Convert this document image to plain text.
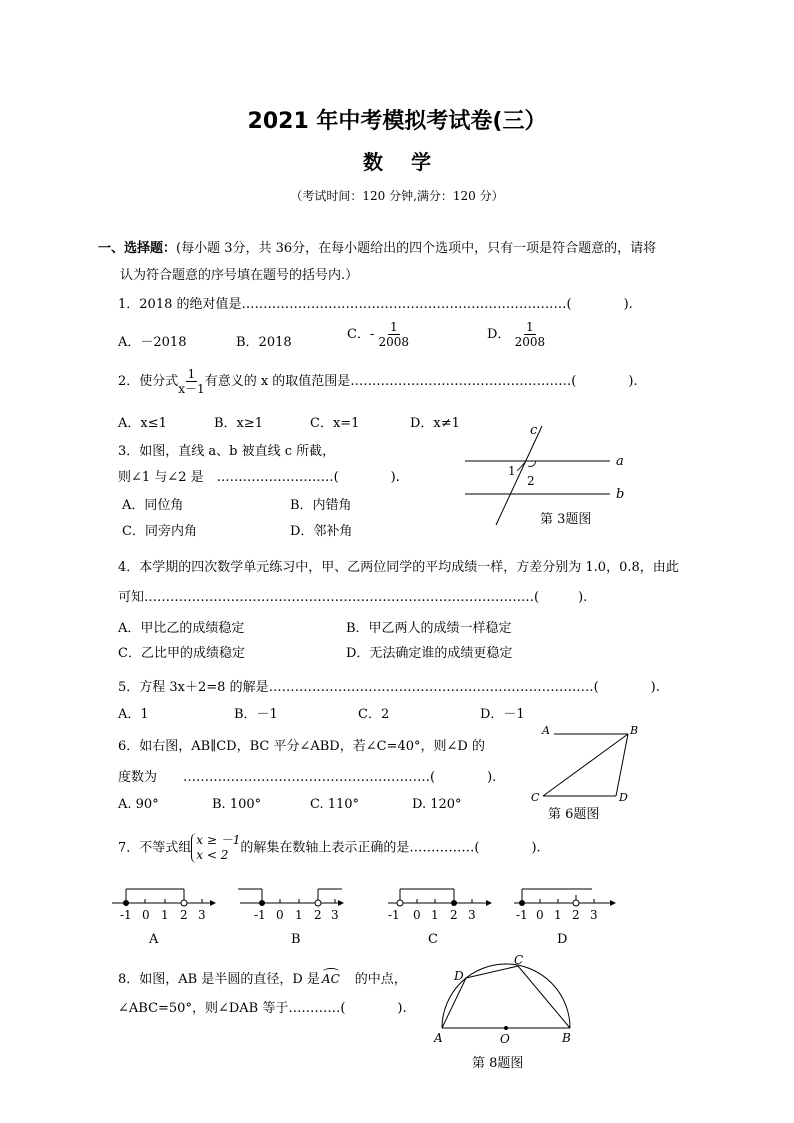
2021 年中考模拟考试卷(三）
数学
（考试时间：120 分钟,满分：120 分）
一、选择题：(每小题 3分，共 36分，在每小题给出的四个选项中，只有一项是符合题意的，请将
认为符合题意的序号填在题号的括号内.）
1．2018 的绝对值是…………………………………………………………………(　　　　).
A．－2018	B．2018
C．- $\frac{1}{2008}$	D． $\frac{1}{2008}$
2．使分式 $\frac{1}{x-1}$ 有意义的 x 的取值范围是……………………………………………(　　　　).
A．x≤1	B．x≥1	C．x=1	D．x≠1
3．如图，直线 a、b 被直线 c 所截，
则∠1 与∠2 是　………………………(　　　　).
A．同位角	B．内错角
C．同旁内角	D．邻补角
c
a
b
1
2
第 3题图
4．本学期的四次数学单元练习中，甲、乙两位同学的平均成绩一样，方差分别为 1.0，0.8，由此
可知………………………………………………………………………………(　　　).
A．甲比乙的成绩稳定	B．甲乙两人的成绩一样稳定
C．乙比甲的成绩稳定	D．无法确定谁的成绩更稳定
5．方程 3x＋2=8 的解是…………………………………………………………………(　　　　).
A．1	B．－1	C．2	D．－1
6．如右图，AB∥CD，BC 平分∠ABD，若∠C=40°，则∠D 的
度数为　　…………………………………………………(　　　　).
A. 90°	B. 100°	C. 110°	D. 120°
A	B
C	D
第 6题图
7．不等式组x ≥ －1
x < 2 的解集在数轴上表示正确的是……………(　　　　).
-1 0 1 2 3	-1 0 1 2 3	-1 0 1 2 3	-1 0 1 2 3
A	B	C	D
8．如图，AB 是半圆的直径，D 是 AC　 的中点，
∠ABC=50°，则∠DAB 等于…………(　　　　).
A	B
C
D
O
第 8题图
